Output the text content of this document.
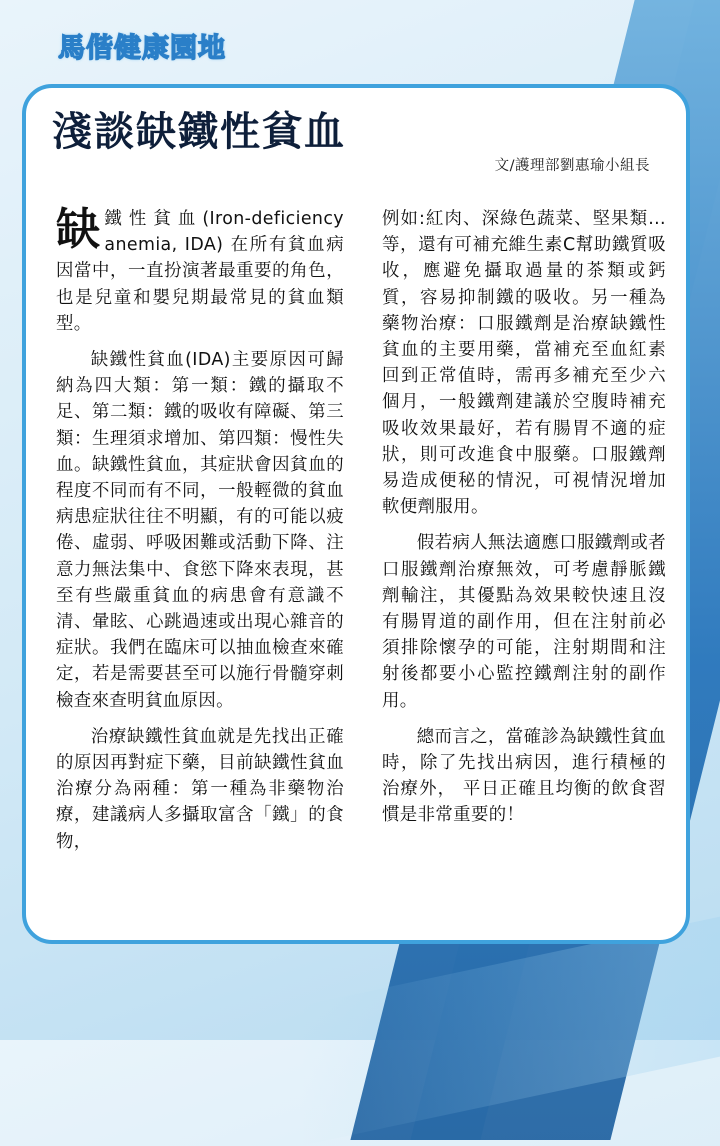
馬偕健康園地
淺談缺鐵性貧血
文/護理部劉惠瑜小組長

缺鐵性貧血(Iron-deficiency anemia, IDA) 在所有貧血病因當中，一直扮演著最重要的角色，也是兒童和嬰兒期最常見的貧血類型。

缺鐵性貧血(IDA)主要原因可歸納為四大類：第一類：鐵的攝取不足、第二類：鐵的吸收有障礙、第三類：生理須求增加、第四類：慢性失血。缺鐵性貧血，其症狀會因貧血的程度不同而有不同，一般輕微的貧血病患症狀往往不明顯，有的可能以疲倦、虛弱、呼吸困難或活動下降、注意力無法集中、食慾下降來表現，甚至有些嚴重貧血的病患會有意識不清、暈眩、心跳過速或出現心雜音的症狀。我們在臨床可以抽血檢查來確定，若是需要甚至可以施行骨髓穿刺檢查來查明貧血原因。

治療缺鐵性貧血就是先找出正確的原因再對症下藥，目前缺鐵性貧血治療分為兩種：第一種為非藥物治療，建議病人多攝取富含「鐵」的食物，

例如:紅肉、深綠色蔬菜、堅果類...等，還有可補充維生素C幫助鐵質吸收，應避免攝取過量的茶類或鈣質，容易抑制鐵的吸收。另一種為藥物治療：口服鐵劑是治療缺鐵性貧血的主要用藥，當補充至血紅素回到正常值時，需再多補充至少六個月，一般鐵劑建議於空腹時補充吸收效果最好，若有腸胃不適的症狀，則可改進食中服藥。口服鐵劑易造成便秘的情況，可視情況增加軟便劑服用。

假若病人無法適應口服鐵劑或者口服鐵劑治療無效，可考慮靜脈鐵劑輸注，其優點為效果較快速且沒有腸胃道的副作用，但在注射前必須排除懷孕的可能，注射期間和注射後都要小心監控鐵劑注射的副作用。

總而言之，當確診為缺鐵性貧血時，除了先找出病因，進行積極的治療外， 平日正確且均衡的飲食習慣是非常重要的！
